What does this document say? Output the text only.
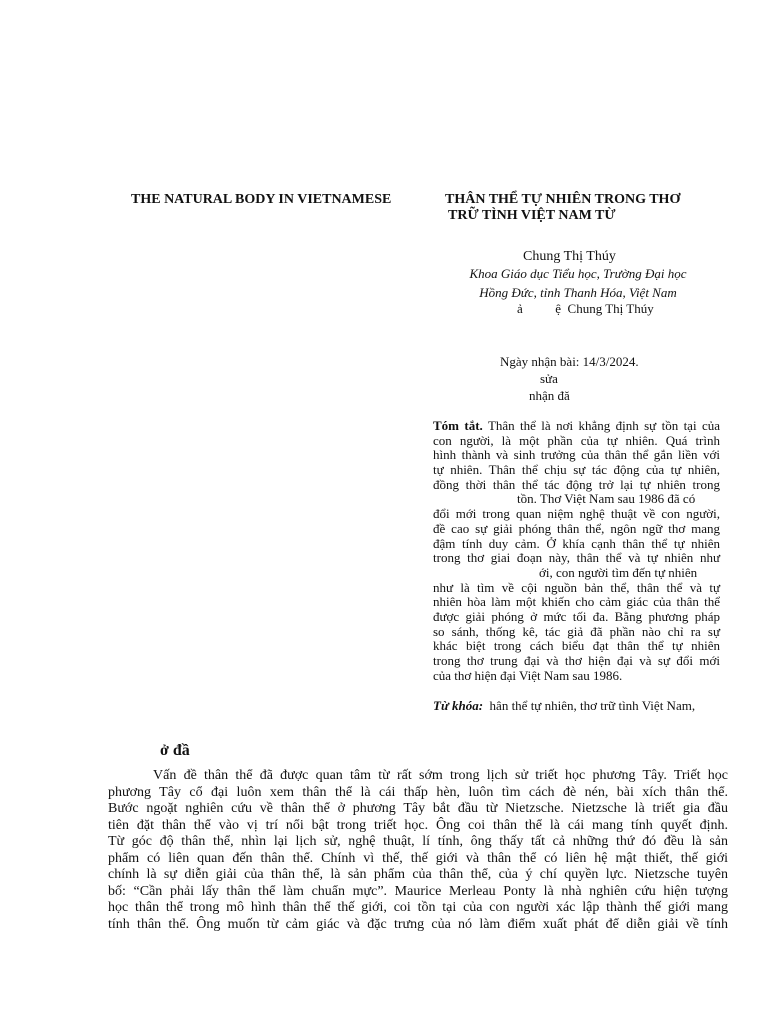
THE NATURAL BODY IN VIETNAMESE	THÂN THỂ TỰ NHIÊN TRONG THƠ
TRỮ TÌNH VIỆT NAM TỪ
Chung Thị Thúy
Khoa Giáo dục Tiểu học, Trường Đại học
Hồng Đức, tỉnh Thanh Hóa, Việt Nam
ả          ệ  Chung Thị Thúy
Ngày nhận bài: 14/3/2024.
sửa
nhận đă
Tóm tắt. Thân thể là nơi khẳng định sự tồn tại của
con người, là một phần của tự nhiên. Quá trình
hình thành và sinh trưởng của thân thể gắn liền với
tự nhiên. Thân thể chịu sự tác động của tự nhiên,
đồng thời thân thể tác động trở lại tự nhiên trong
tồn. Thơ Việt Nam sau 1986 đã có
đổi mới trong quan niệm nghệ thuật về con người,
đề cao sự giải phóng thân thể, ngôn ngữ thơ mang
đậm tính duy cảm. Ở khía cạnh thân thể tự nhiên
trong thơ giai đoạn này, thân thể và tự nhiên như
ới, con người tìm đến tự nhiên
như là tìm về cội nguồn bản thể, thân thể và tự
nhiên hòa làm một khiến cho cảm giác của thân thể
được giải phóng ở mức tối đa. Bằng phương pháp
so sánh, thống kê, tác giả đã phần nào chỉ ra sự
khác biệt trong cách biểu đạt thân thể tự nhiên
trong thơ trung đại và thơ hiện đại và sự đổi mới
của thơ hiện đại Việt Nam sau 1986.
Từ khóa:  hân thể tự nhiên, thơ trữ tình Việt Nam,
ở đầ
Vấn đề thân thể đã được quan tâm từ rất sớm trong lịch sử triết học phương Tây. Triết học
phương Tây cổ đại luôn xem thân thể là cái thấp hèn, luôn tìm cách đè nén, bài xích thân thể.
Bước ngoặt nghiên cứu về thân thể ở phương Tây bắt đầu từ Nietzsche. Nietzsche là triết gia đầu
tiên đặt thân thể vào vị trí nổi bật trong triết học. Ông coi thân thể là cái mang tính quyết định.
Từ góc độ thân thể, nhìn lại lịch sử, nghệ thuật, lí tính, ông thấy tất cả những thứ đó đều là sản
phẩm có liên quan đến thân thể. Chính vì thế, thế giới và thân thể có liên hệ mật thiết, thế giới
chính là sự diễn giải của thân thể, là sản phẩm của thân thể, của ý chí quyền lực. Nietzsche tuyên
bố: “Cần phải lấy thân thể làm chuẩn mực”. Maurice Merleau Ponty là nhà nghiên cứu hiện tượng
học thân thể trong mô hình thân thể thế giới, coi tồn tại của con người xác lập thành thế giới mang
tính thân thể. Ông muốn từ cảm giác và đặc trưng của nó làm điểm xuất phát để diễn giải về tính
